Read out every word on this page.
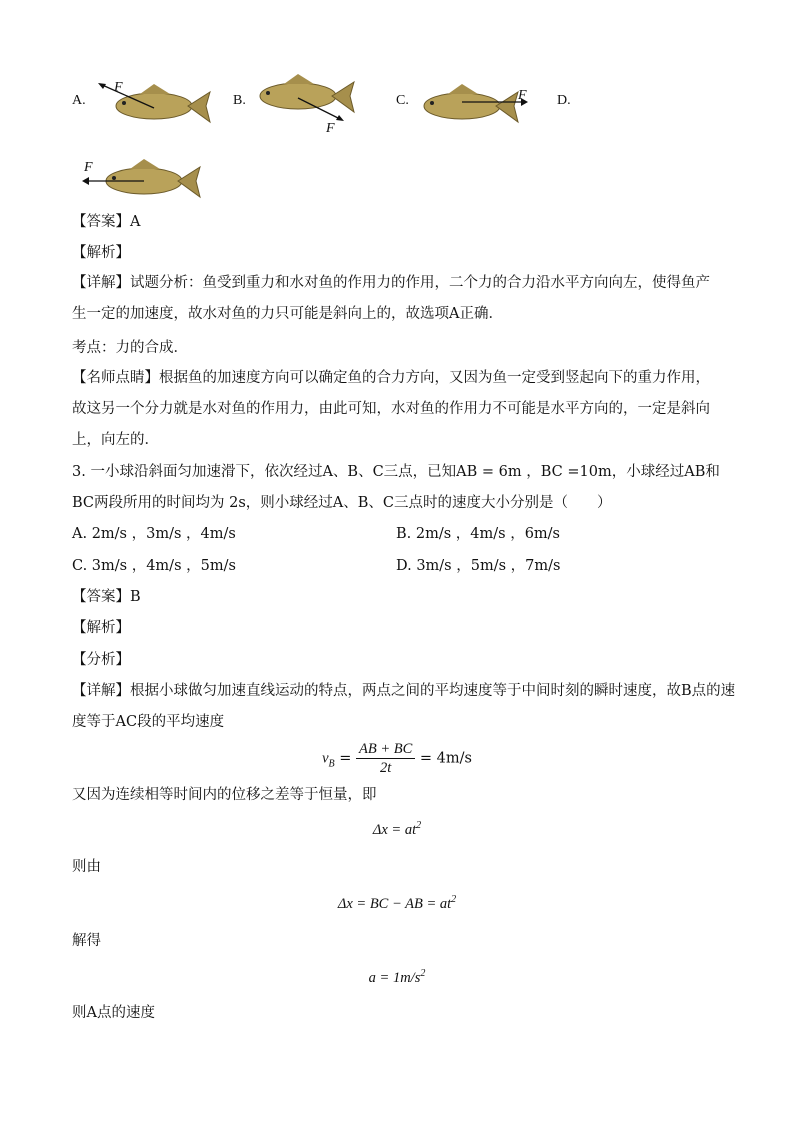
A.
F
B.
F
C.	F D.
F
【答案】A
【解析】
【详解】试题分析：鱼受到重力和水对鱼的作用力的作用，二个力的合力沿水平方向向左，使得鱼产生一定的加速度，故水对鱼的力只可能是斜向上的，故选项A正确．
考点：力的合成．
【名师点睛】根据鱼的加速度方向可以确定鱼的合力方向，又因为鱼一定受到竖起向下的重力作用，故这另一个分力就是水对鱼的作用力，由此可知，水对鱼的作用力不可能是水平方向的，一定是斜向上，向左的．
3. 一小球沿斜面匀加速滑下，依次经过A、B、C三点，已知AB = 6m ，BC =10m，小球经过AB和
BC两段所用的时间均为 2s，则小球经过A、B、C三点时的速度大小分别是（　　）
A. 2m/s ，3m/s ，4m/s	B. 2m/s ，4m/s ，6m/s
C. 3m/s ，4m/s ，5m/s	D. 3m/s ，5m/s ，7m/s
【答案】B
【解析】
【分析】
【详解】根据小球做匀加速直线运动的特点，两点之间的平均速度等于中间时刻的瞬时速度，故B点的速
度等于AC段的平均速度
$v_B = \frac{AB + BC}{2t} = 4m/s$
又因为连续相等时间内的位移之差等于恒量，即
$\Delta x = at^2$
则由
Δx = BC − AB = $at^2$
解得
$a = 1m/s^2$
则A点的速度
